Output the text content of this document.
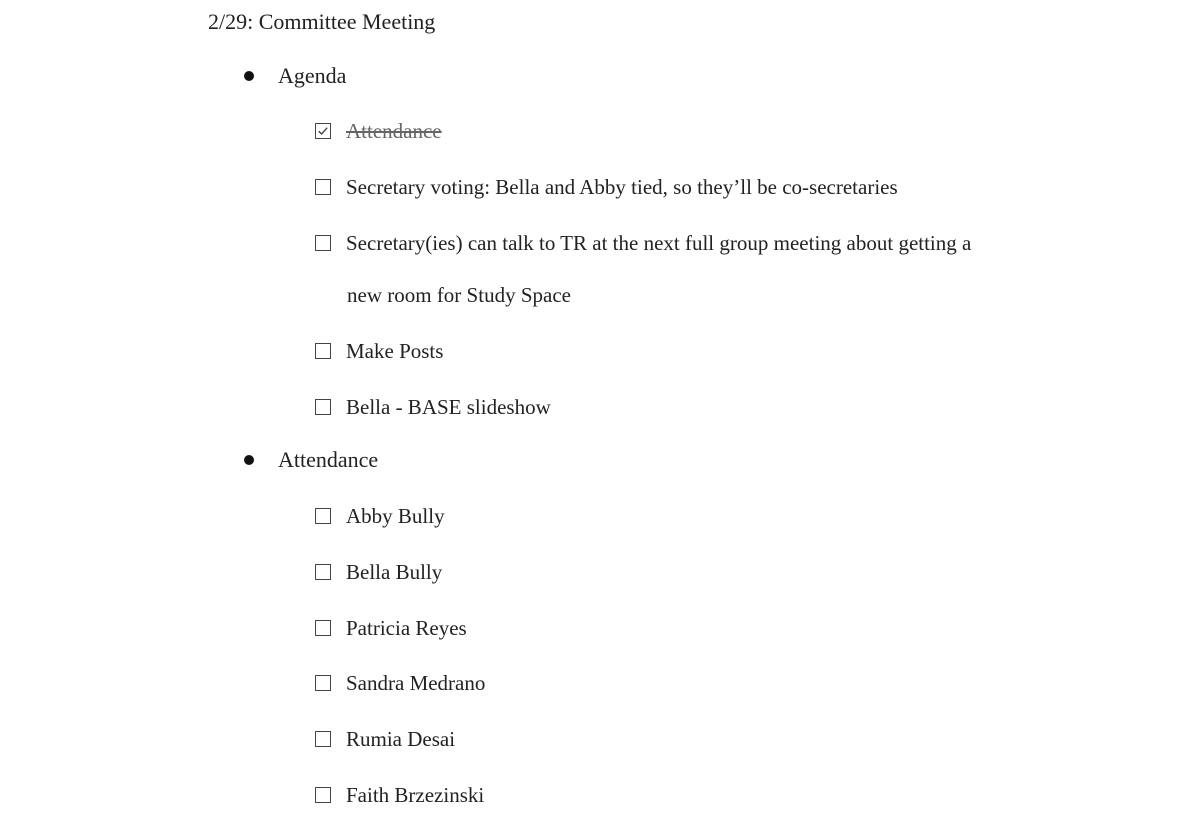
2/29: Committee Meeting
Agenda
Attendance
Secretary voting: Bella and Abby tied, so they’ll be co-secretaries
Secretary(ies) can talk to TR at the next full group meeting about getting a
new room for Study Space
Make Posts
Bella - BASE slideshow
Attendance
Abby Bully
Bella Bully
Patricia Reyes
Sandra Medrano
Rumia Desai
Faith Brzezinski
